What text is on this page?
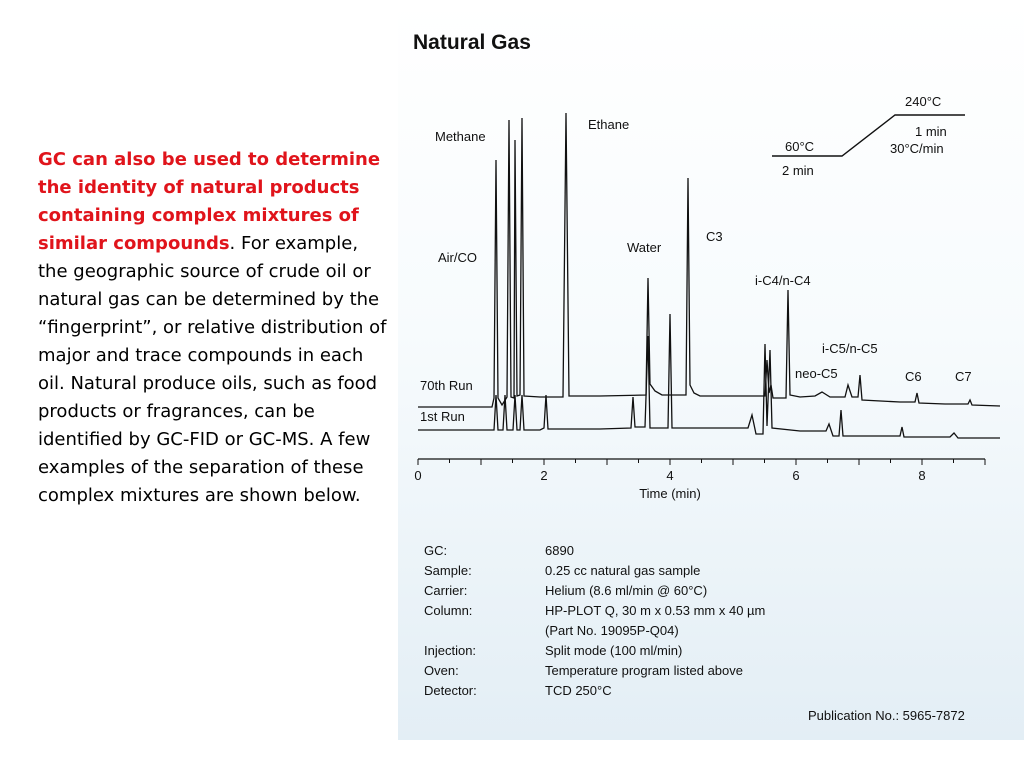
GC can also be used to determine the identity of natural products containing complex mixtures of similar compounds. For example, the geographic source of crude oil or natural gas can be determined by the “fingerprint”, or relative distribution of major and trace compounds in each oil. Natural produce oils, such as food products or fragrances, can be identified by GC-FID or GC-MS. A few examples of the separation of these complex mixtures are shown below.
Natural Gas
60°C
2 min
240°C
1 min
30°C/min
Methane
Ethane
Air/CO
Water
C3
i-C4/n-C4
i-C5/n-C5
neo-C5	C6	C7
70th Run
1st Run
0	2	4	6	8
Time (min)
GC:	6890
Sample:	0.25 cc natural gas sample
Carrier:	Helium (8.6 ml/min @ 60°C)
Column:	HP-PLOT Q, 30 m x 0.53 mm x 40 µm
(Part No. 19095P-Q04)
Injection:	Split mode (100 ml/min)
Oven:	Temperature program listed above
Detector:	TCD 250°C
Publication No.: 5965-7872
